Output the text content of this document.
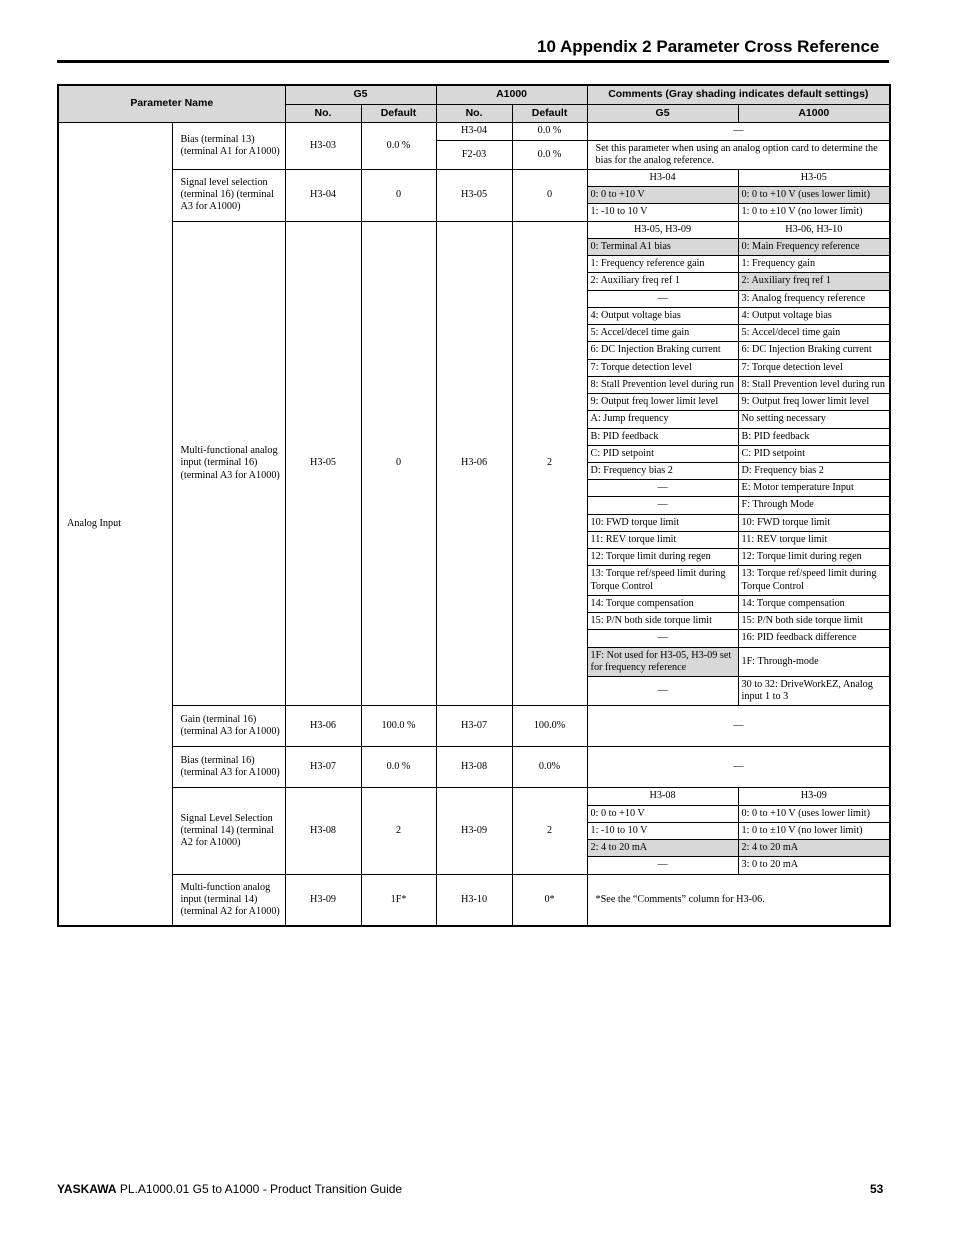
10 Appendix 2 Parameter Cross Reference
Parameter Name		G5		A1000		Comments (Gray shading indicates default settings)	
		No.	Default	No.	Default	G5	A1000
Analog Input	Bias (terminal 13) (terminal A1 for A1000)	H3-03	0.0 %	H3-04	0.0 %	—	
				F2-03	0.0 %	Set this parameter when using an analog option card to determine the bias for the analog reference.	
	Signal level selection (terminal 16) (terminal A3 for A1000)	H3-04	0	H3-05	0	H3-04	H3-05
						0: 0 to +10 V	0: 0 to +10 V (uses lower limit)
						1: -10 to 10 V	1: 0 to ±10 V (no lower limit)
	Multi-functional analog input (terminal 16) (terminal A3 for A1000)	H3-05	0	H3-06	2	H3-05, H3-09	H3-06, H3-10
						0: Terminal A1 bias	0: Main Frequency reference
						1: Frequency reference gain	1: Frequency gain
						2: Auxiliary freq ref 1	2: Auxiliary freq ref 1
						—	3: Analog frequency reference
						4: Output voltage bias	4: Output voltage bias
						5: Accel/decel time gain	5: Accel/decel time gain
						6: DC Injection Braking current	6: DC Injection Braking current
						7: Torque detection level	7: Torque detection level
						8: Stall Prevention level during run	8: Stall Prevention level during run
						9: Output freq lower limit level	9: Output freq lower limit level
						A: Jump frequency	No setting necessary
						B: PID feedback	B: PID feedback
						C: PID setpoint	C: PID setpoint
						D: Frequency bias 2	D: Frequency bias 2
						—	E: Motor temperature Input
						—	F: Through Mode
						10: FWD torque limit	10: FWD torque limit
						11: REV torque limit	11: REV torque limit
						12: Torque limit during regen	12: Torque limit during regen
						13: Torque ref/speed limit during Torque Control	13: Torque ref/speed limit during Torque Control
						14: Torque compensation	14: Torque compensation
						15: P/N both side torque limit	15: P/N both side torque limit
						—	16: PID feedback difference
						1F: Not used for H3-05, H3-09 set for frequency reference	1F: Through-mode
						—	30 to 32: DriveWorkEZ, Analog input 1 to 3
	Gain (terminal 16) (terminal A3 for A1000)	H3-06	100.0 %	H3-07	100.0%	—	
	Bias (terminal 16) (terminal A3 for A1000)	H3-07	0.0 %	H3-08	0.0%	—	
	Signal Level Selection (terminal 14) (terminal A2 for A1000)	H3-08	2	H3-09	2	H3-08	H3-09
						0: 0 to +10 V	0: 0 to +10 V (uses lower limit)
						1: -10 to 10 V	1: 0 to ±10 V (no lower limit)
						2: 4 to 20 mA	2: 4 to 20 mA
						—	3: 0 to 20 mA
	Multi-function analog input (terminal 14) (terminal A2 for A1000)	H3-09	1F*	H3-10	0*	*See the “Comments” column for H3-06.	
YASKAWA PL.A1000.01 G5 to A1000 - Product Transition Guide	53
